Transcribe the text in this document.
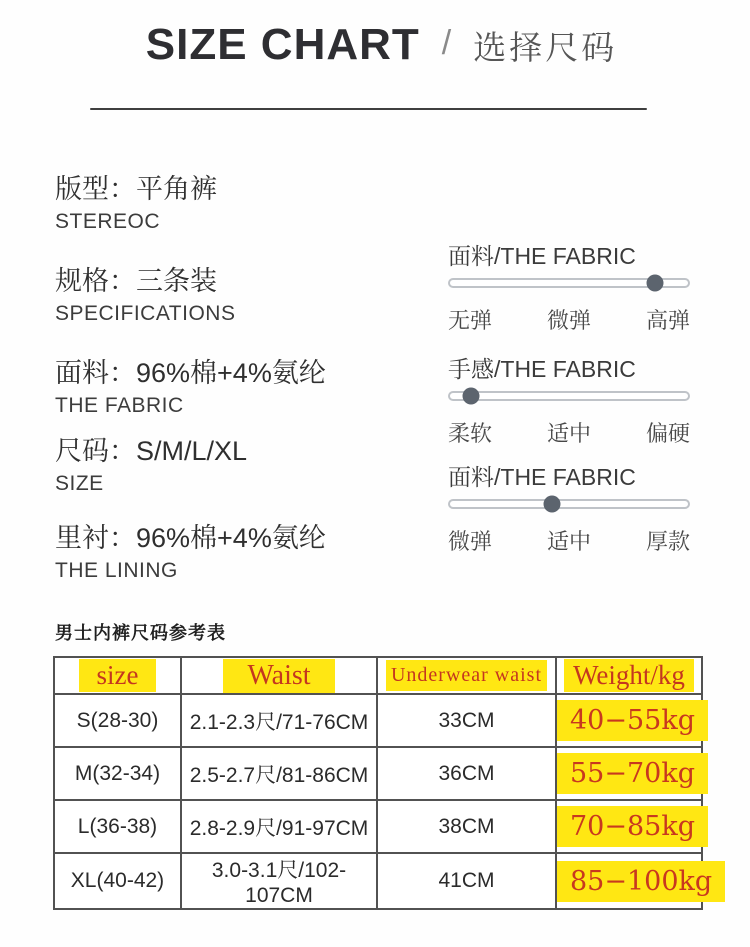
SIZE CHART / 选择尺码
版型：平角裤
STEREOC
规格：三条装
SPECIFICATIONS
面料：96%棉+4%氨纶
THE FABRIC
尺码：S/M/L/XL
SIZE
里衬：96%棉+4%氨纶
THE LINING
面料/THE FABRIC
无弹 微弹 高弹
手感/THE FABRIC
柔软 适中 偏硬
面料/THE FABRIC
微弹 适中 厚款
男士内裤尺码参考表
size	Waist	Underwear waist	Weight/kg
S(28-30)	2.1-2.3尺/71-76CM	33CM	40−55kg
M(32-34)	2.5-2.7尺/81-86CM	36CM	55−70kg
L(36-38)	2.8-2.9尺/91-97CM	38CM	70−85kg
XL(40-42)	3.0-3.1尺/102-107CM	41CM	85−100kg
